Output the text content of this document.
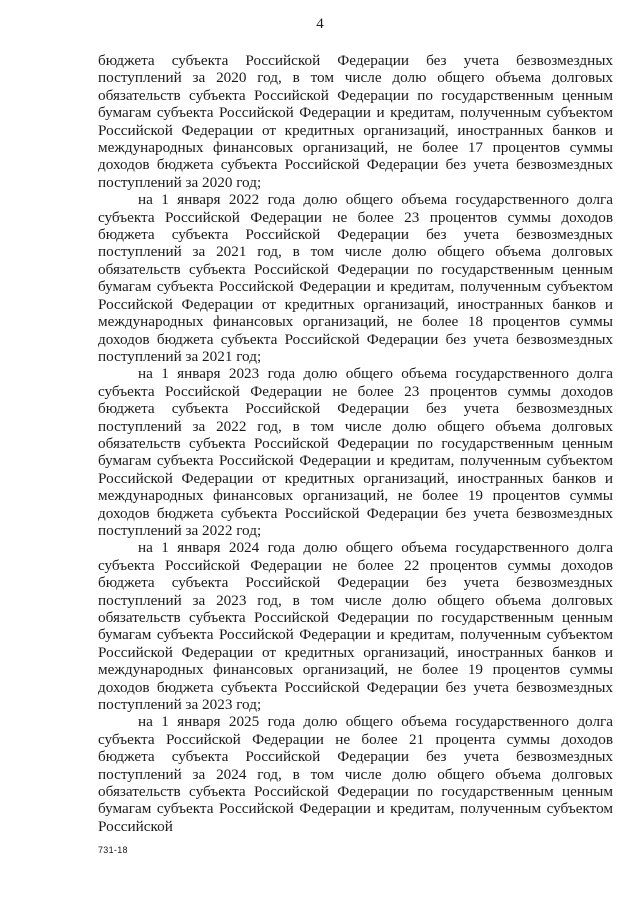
4

бюджета субъекта Российской Федерации без учета безвозмездных поступлений за 2020 год, в том числе долю общего объема долговых обязательств субъекта Российской Федерации по государственным ценным бумагам субъекта Российской Федерации и кредитам, полученным субъектом Российской Федерации от кредитных организаций, иностранных банков и международных финансовых организаций, не более 17 процентов суммы доходов бюджета субъекта Российской Федерации без учета безвозмездных поступлений за 2020 год;

на 1 января 2022 года долю общего объема государственного долга субъекта Российской Федерации не более 23 процентов суммы доходов бюджета субъекта Российской Федерации без учета безвозмездных поступлений за 2021 год, в том числе долю общего объема долговых обязательств субъекта Российской Федерации по государственным ценным бумагам субъекта Российской Федерации и кредитам, полученным субъектом Российской Федерации от кредитных организаций, иностранных банков и международных финансовых организаций, не более 18 процентов суммы доходов бюджета субъекта Российской Федерации без учета безвозмездных поступлений за 2021 год;

на 1 января 2023 года долю общего объема государственного долга субъекта Российской Федерации не более 23 процентов суммы доходов бюджета субъекта Российской Федерации без учета безвозмездных поступлений за 2022 год, в том числе долю общего объема долговых обязательств субъекта Российской Федерации по государственным ценным бумагам субъекта Российской Федерации и кредитам, полученным субъектом Российской Федерации от кредитных организаций, иностранных банков и международных финансовых организаций, не более 19 процентов суммы доходов бюджета субъекта Российской Федерации без учета безвозмездных поступлений за 2022 год;

на 1 января 2024 года долю общего объема государственного долга субъекта Российской Федерации не более 22 процентов суммы доходов бюджета субъекта Российской Федерации без учета безвозмездных поступлений за 2023 год, в том числе долю общего объема долговых обязательств субъекта Российской Федерации по государственным ценным бумагам субъекта Российской Федерации и кредитам, полученным субъектом Российской Федерации от кредитных организаций, иностранных банков и международных финансовых организаций, не более 19 процентов суммы доходов бюджета субъекта Российской Федерации без учета безвозмездных поступлений за 2023 год;

на 1 января 2025 года долю общего объема государственного долга субъекта Российской Федерации не более 21 процента суммы доходов бюджета субъекта Российской Федерации без учета безвозмездных поступлений за 2024 год, в том числе долю общего объема долговых обязательств субъекта Российской Федерации по государственным ценным бумагам субъекта Российской Федерации и кредитам, полученным субъектом Российской

731-18
